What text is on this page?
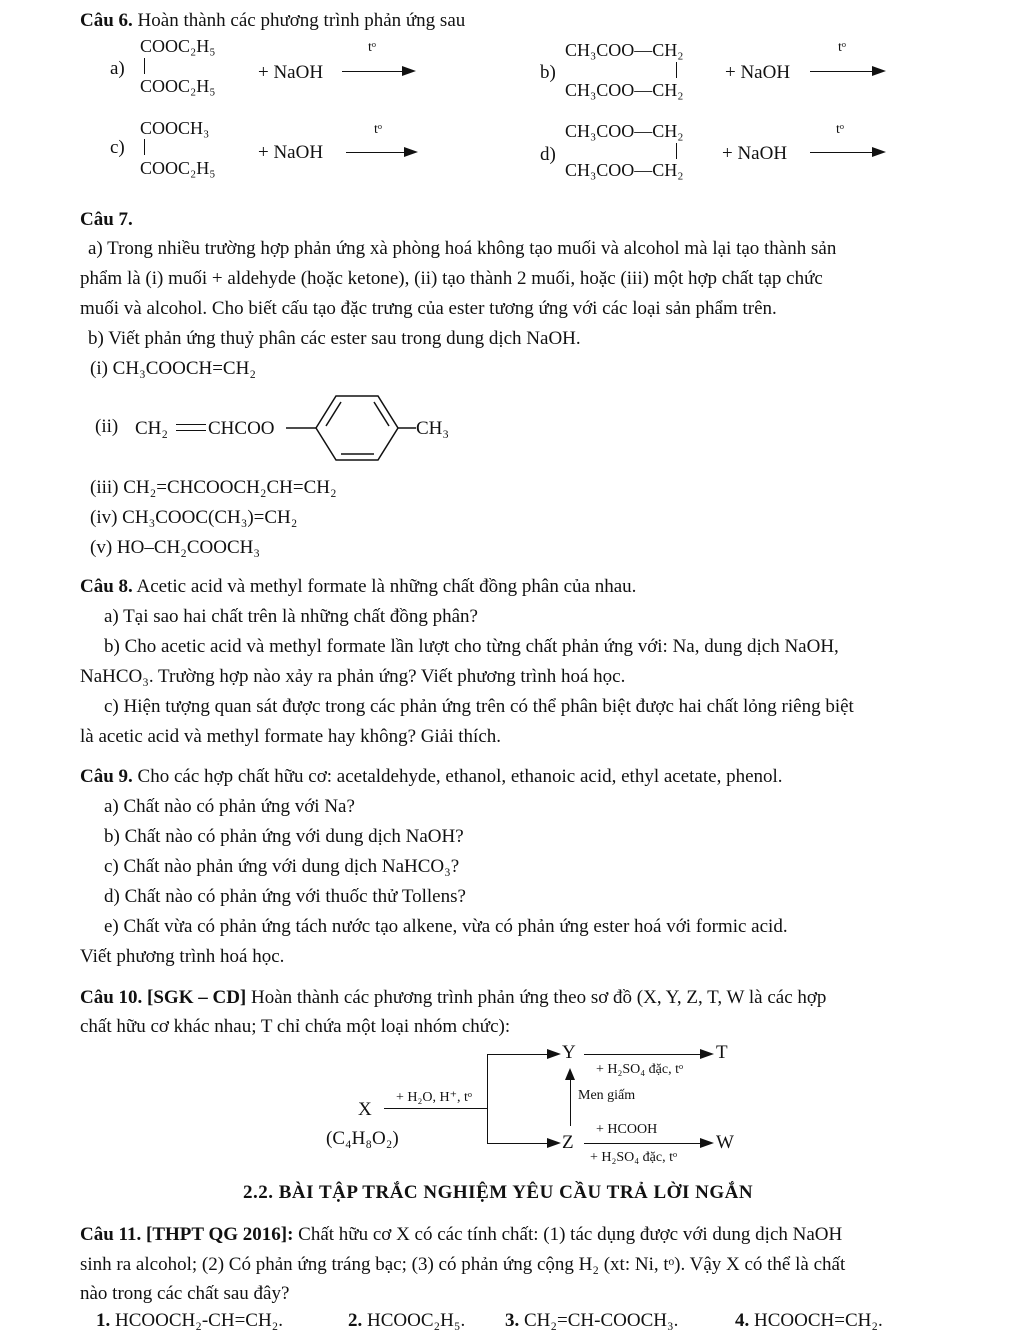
Câu 6. Hoàn thành các phương trình phản ứng sau
a)
COOC₂H₅
COOC₂H₅
+ NaOH
tᵒ
b)
CH₃COO—CH₂
CH₃COO—CH₂
+ NaOH
tᵒ
c)
COOCH₃
COOC₂H₅
+ NaOH
tᵒ
d)
CH₃COO—CH₂
CH₃COO—CH₂
+ NaOH
tᵒ
Câu 7.
a) Trong nhiều trường hợp phản ứng xà phòng hoá không tạo muối và alcohol mà lại tạo thành sản
phẩm là (i) muối + aldehyde (hoặc ketone), (ii) tạo thành 2 muối, hoặc (iii) một hợp chất tạp chức
muối và alcohol. Cho biết cấu tạo đặc trưng của ester tương ứng với các loại sản phẩm trên.
b) Viết phản ứng thuỷ phân các ester sau trong dung dịch NaOH.
(i) CH₃COOCH=CH₂
(ii) CH₂ CHCOO	CH₃
(iii) CH₂=CHCOOCH₂CH=CH₂
(iv) CH₃COOC(CH₃)=CH₂
(v) HO–CH₂COOCH₃
Câu 8. Acetic acid và methyl formate là những chất đồng phân của nhau.
a) Tại sao hai chất trên là những chất đồng phân?
b) Cho acetic acid và methyl formate lần lượt cho từng chất phản ứng với: Na, dung dịch NaOH,
NaHCO₃. Trường hợp nào xảy ra phản ứng? Viết phương trình hoá học.
c) Hiện tượng quan sát được trong các phản ứng trên có thể phân biệt được hai chất lỏng riêng biệt
là acetic acid và methyl formate hay không? Giải thích.
Câu 9. Cho các hợp chất hữu cơ: acetaldehyde, ethanol, ethanoic acid, ethyl acetate, phenol.
a) Chất nào có phản ứng với Na?
b) Chất nào có phản ứng với dung dịch NaOH?
c) Chất nào phản ứng với dung dịch NaHCO₃?
d) Chất nào có phản ứng với thuốc thử Tollens?
e) Chất vừa có phản ứng tách nước tạo alkene, vừa có phản ứng ester hoá với formic acid.
Viết phương trình hoá học.
Câu 10. [SGK – CD] Hoàn thành các phương trình phản ứng theo sơ đồ (X, Y, Z, T, W là các hợp
chất hữu cơ khác nhau; T chỉ chứa một loại nhóm chức):
X
(C₄H₈O₂)
+ H₂O, H⁺, tᵒ
Y
+ H₂SO₄ đặc, tᵒ
T
Men giấm
Z
+ HCOOH
+ H₂SO₄ đặc, tᵒ
W
2.2. BÀI TẬP TRẮC NGHIỆM YÊU CẦU TRẢ LỜI NGẮN
Câu 11. [THPT QG 2016]: Chất hữu cơ X có các tính chất: (1) tác dụng được với dung dịch NaOH
sinh ra alcohol; (2) Có phản ứng tráng bạc; (3) có phản ứng cộng H₂ (xt: Ni, tᵒ). Vậy X có thể là chất
nào trong các chất sau đây?
1. HCOOCH₂-CH=CH₂.	2. HCOOC₂H₅. 3. CH₂=CH-COOCH₃.	4. HCOOCH=CH₂.
